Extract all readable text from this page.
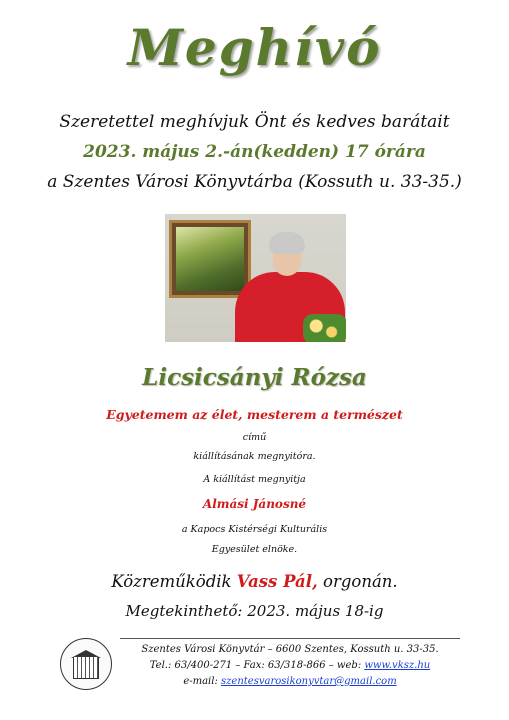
Meghívó
Szeretettel meghívjuk Önt és kedves barátait
2023. május 2.-án(kedden) 17 órára
a Szentes Városi Könyvtárba (Kossuth u. 33-35.)
Licsicsányi Rózsa
Egyetemem az élet, mesterem a természet
című
kiállításának megnyitóra.
A kiállítást megnyitja
Almási Jánosné
a Kapocs Kistérségi Kulturális
Egyesület elnöke.
Közreműködik Vass Pál, orgonán.
Megtekinthető: 2023. május 18-ig
Szentes Városi Könyvtár – 6600 Szentes, Kossuth u. 33-35.
Tel.: 63/400-271 – Fax: 63/318-866 – web: www.vksz.hu
e-mail: szentesvarosikonyvtar@gmail.com
